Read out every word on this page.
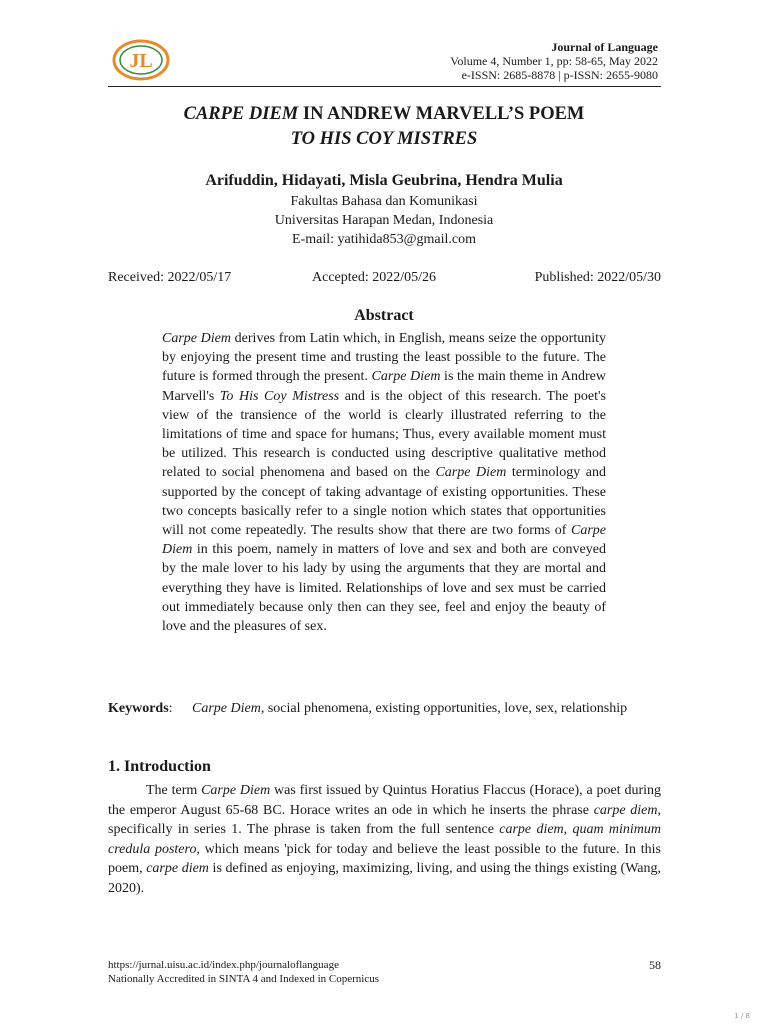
JL
Journal of Language
Volume 4, Number 1, pp: 58-65, May 2022
e-ISSN: 2685-8878 | p-ISSN: 2655-9080
CARPE DIEM IN ANDREW MARVELL’S POEM
TO HIS COY MISTRES
Arifuddin, Hidayati, Misla Geubrina, Hendra Mulia
Fakultas Bahasa dan Komunikasi
Universitas Harapan Medan, Indonesia
E-mail: yatihida853@gmail.com
Received: 2022/05/17	Accepted: 2022/05/26	Published: 2022/05/30
Abstract
Carpe Diem derives from Latin which, in English, means seize the opportunity by enjoying the present time and trusting the least possible to the future. The future is formed through the present. Carpe Diem is the main theme in Andrew Marvell's To His Coy Mistress and is the object of this research. The poet's view of the transience of the world is clearly illustrated referring to the limitations of time and space for humans; Thus, every available moment must be utilized. This research is conducted using descriptive qualitative method related to social phenomena and based on the Carpe Diem terminology and supported by the concept of taking advantage of existing opportunities. These two concepts basically refer to a single notion which states that opportunities will not come repeatedly. The results show that there are two forms of Carpe Diem in this poem, namely in matters of love and sex and both are conveyed by the male lover to his lady by using the arguments that they are mortal and everything they have is limited. Relationships of love and sex must be carried out immediately because only then can they see, feel and enjoy the beauty of love and the pleasures of sex.
Keywords: Carpe Diem, social phenomena, existing opportunities, love, sex, relationship
1. Introduction
The term Carpe Diem was first issued by Quintus Horatius Flaccus (Horace), a poet during the emperor August 65-68 BC. Horace writes an ode in which he inserts the phrase carpe diem, specifically in series 1. The phrase is taken from the full sentence carpe diem, quam minimum credula postero, which means 'pick for today and believe the least possible to the future. In this poem, carpe diem is defined as enjoying, maximizing, living, and using the things existing (Wang, 2020).
https://jurnal.uisu.ac.id/index.php/journaloflanguage
Nationally Accredited in SINTA 4 and Indexed in Copernicus
58
1 / 8
